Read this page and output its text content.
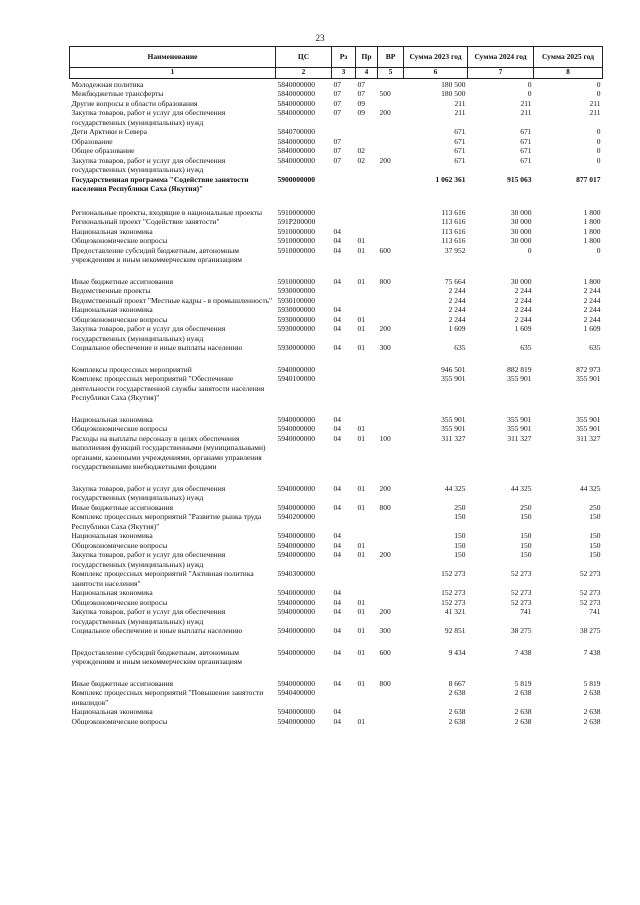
23
Наименование	ЦС	Рз	Пр	ВР	Сумма 2023 год	Сумма 2024 год	Сумма 2025 год
1	2	3	4	5	6	7	8
Молодежная политика	5840000000	07	07		180 500	0	0
Межбюджетные трансферты	5840000000	07	07	500	180 500	0	0
Другие вопросы в области образования	5840000000	07	09		211	211	211
Закупка товаров, работ и услуг для обеспечения государственных (муниципальных) нужд	5840000000	07	09	200	211	211	211
Дети Арктики и Севера	5840700000				671	671	0
Образование	5840000000	07			671	671	0
Общее образование	5840000000	07	02		671	671	0
Закупка товаров, работ и услуг для обеспечения государственных (муниципальных) нужд	5840000000	07	02	200	671	671	0
Государственная программа "Содействие занятости населения Республики Саха (Якутия)"	5900000000				1 062 361	915 063	877 017
Региональные проекты, входящие в национальные проекты	5910000000				113 616	30 000	1 800
Региональный проект "Содействие занятости"	591P200000				113 616	30 000	1 800
Национальная экономика	5910000000	04			113 616	30 000	1 800
Общеэкономические вопросы	5910000000	04	01		113 616	30 000	1 800
Предоставление субсидий бюджетным, автономным учреждениям и иным некоммерческим организациям	5910000000	04	01	600	37 952	0	0
Иные бюджетные ассигнования	5910000000	04	01	800	75 664	30 000	1 800
Ведомственные проекты	5930000000				2 244	2 244	2 244
Ведомственный проект "Местные кадры - в промышленность"	5930100000				2 244	2 244	2 244
Национальная экономика	5930000000	04			2 244	2 244	2 244
Общеэкономические вопросы	5930000000	04	01		2 244	2 244	2 244
Закупка товаров, работ и услуг для обеспечения государственных (муниципальных) нужд	5930000000	04	01	200	1 609	1 609	1 609
Социальное обеспечение и иные выплаты населению	5930000000	04	01	300	635	635	635
Комплексы процессных мероприятий	5940000000				946 501	882 819	872 973
Комплекс процессных мероприятий "Обеспечение деятельности государственной службы занятости населения Республики Саха (Якутия)"	5940100000				355 901	355 901	355 901
Национальная экономика	5940000000	04			355 901	355 901	355 901
Общеэкономические вопросы	5940000000	04	01		355 901	355 901	355 901
Расходы на выплаты персоналу в целях обеспечения выполнения функций государственными (муниципальными) органами, казенными учреждениями, органами управления государственными внебюджетными фондами	5940000000	04	01	100	311 327	311 327	311 327
Закупка товаров, работ и услуг для обеспечения государственных (муниципальных) нужд	5940000000	04	01	200	44 325	44 325	44 325
Иные бюджетные ассигнования	5940000000	04	01	800	250	250	250
Комплекс процессных мероприятий "Развитие рынка труда Республики Саха (Якутия)"	5940200000				150	150	150
Национальная экономика	5940000000	04			150	150	150
Общеэкономические вопросы	5940000000	04	01		150	150	150
Закупка товаров, работ и услуг для обеспечения государственных (муниципальных) нужд	5940000000	04	01	200	150	150	150
Комплекс процессных мероприятий "Активная политика занятости населения"	5940300000				152 273	52 273	52 273
Национальная экономика	5940000000	04			152 273	52 273	52 273
Общеэкономические вопросы	5940000000	04	01		152 273	52 273	52 273
Закупка товаров, работ и услуг для обеспечения государственных (муниципальных) нужд	5940000000	04	01	200	41 321	741	741
Социальное обеспечение и иные выплаты населению	5940000000	04	01	300	92 851	38 275	38 275
Предоставление субсидий бюджетным, автономным учреждениям и иным некоммерческим организациям	5940000000	04	01	600	9 434	7 438	7 438
Иные бюджетные ассигнования	5940000000	04	01	800	8 667	5 819	5 819
Комплекс процессных мероприятий "Повышение занятости инвалидов"	5940400000				2 638	2 638	2 638
Национальная экономика	5940000000	04			2 638	2 638	2 638
Общеэкономические вопросы	5940000000	04	01		2 638	2 638	2 638
